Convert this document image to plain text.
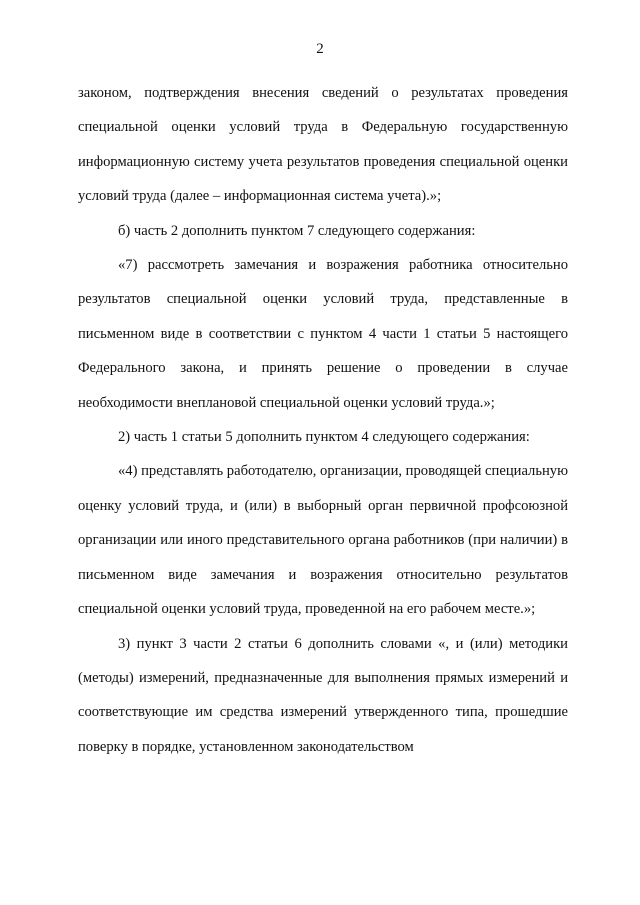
2

законом, подтверждения внесения сведений о результатах проведения специальной оценки условий труда в Федеральную государственную информационную систему учета результатов проведения специальной оценки условий труда (далее – информационная система учета).»;

б) часть 2 дополнить пунктом 7 следующего содержания:

«7) рассмотреть замечания и возражения работника относительно результатов специальной оценки условий труда, представленные в письменном виде в соответствии с пунктом 4 части 1 статьи 5 настоящего Федерального закона, и принять решение о проведении в случае необходимости внеплановой специальной оценки условий труда.»;

2) часть 1 статьи 5 дополнить пунктом 4 следующего содержания:

«4) представлять работодателю, организации, проводящей специальную оценку условий труда, и (или) в выборный орган первичной профсоюзной организации или иного представительного органа работников (при наличии) в письменном виде замечания и возражения относительно результатов специальной оценки условий труда, проведенной на его рабочем месте.»;

3) пункт 3 части 2 статьи 6 дополнить словами «, и (или) методики (методы) измерений, предназначенные для выполнения прямых измерений и соответствующие им средства измерений утвержденного типа, прошедшие поверку в порядке, установленном законодательством
